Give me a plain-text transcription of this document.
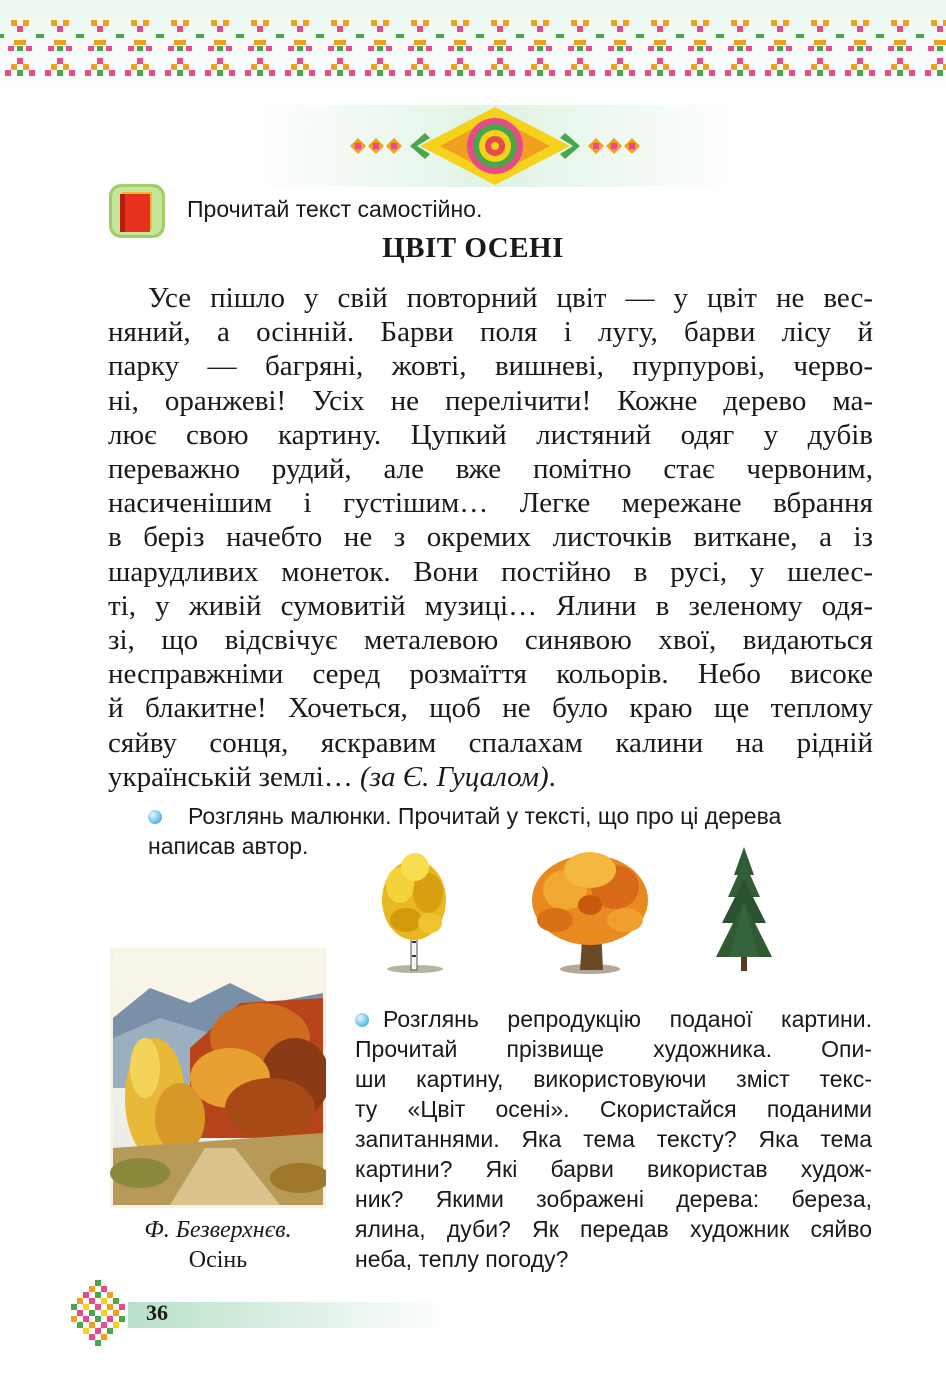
Прочитай текст самостійно.
ЦВІТ ОСЕНІ
Усе пішло у свій повторний цвіт — у цвіт не вес-
няний, а осінній. Барви поля і лугу, барви лісу й
парку — багряні, жовті, вишневі, пурпурові, черво-
ні, оранжеві! Усіх не перелічити! Кожне дерево ма-
лює свою картину. Цупкий листяний одяг у дубів
переважно рудий, але вже помітно стає червоним,
насиченішим і густішим… Легке мережане вбрання
в беріз начебто не з окремих листочків виткане, а із
шарудливих монеток. Вони постійно в русі, у шелес-
ті, у живій сумовитій музиці… Ялини в зеленому одя-
зі, що відсвічує металевою синявою хвої, видаються
несправжніми серед розмаїття кольорів. Небо високе
й блакитне! Хочеться, щоб не було краю ще теплому
сяйву сонця, яскравим спалахам калини на рідній
українській землі… (за Є. Гуцалом).
Розглянь малюнки. Прочитай у тексті, що про ці дерева
написав автор.
Ф. Безверхнєв.
Осінь
Розглянь репродукцію поданої картини.
Прочитай прізвище художника. Опи-
ши картину, використовуючи зміст текс-
ту «Цвіт осені». Скористайся поданими
запитаннями. Яка тема тексту? Яка тема
картини? Які барви використав худож-
ник? Якими зображені дерева: береза,
ялина, дуби? Як передав художник сяйво
неба, теплу погоду?
36
